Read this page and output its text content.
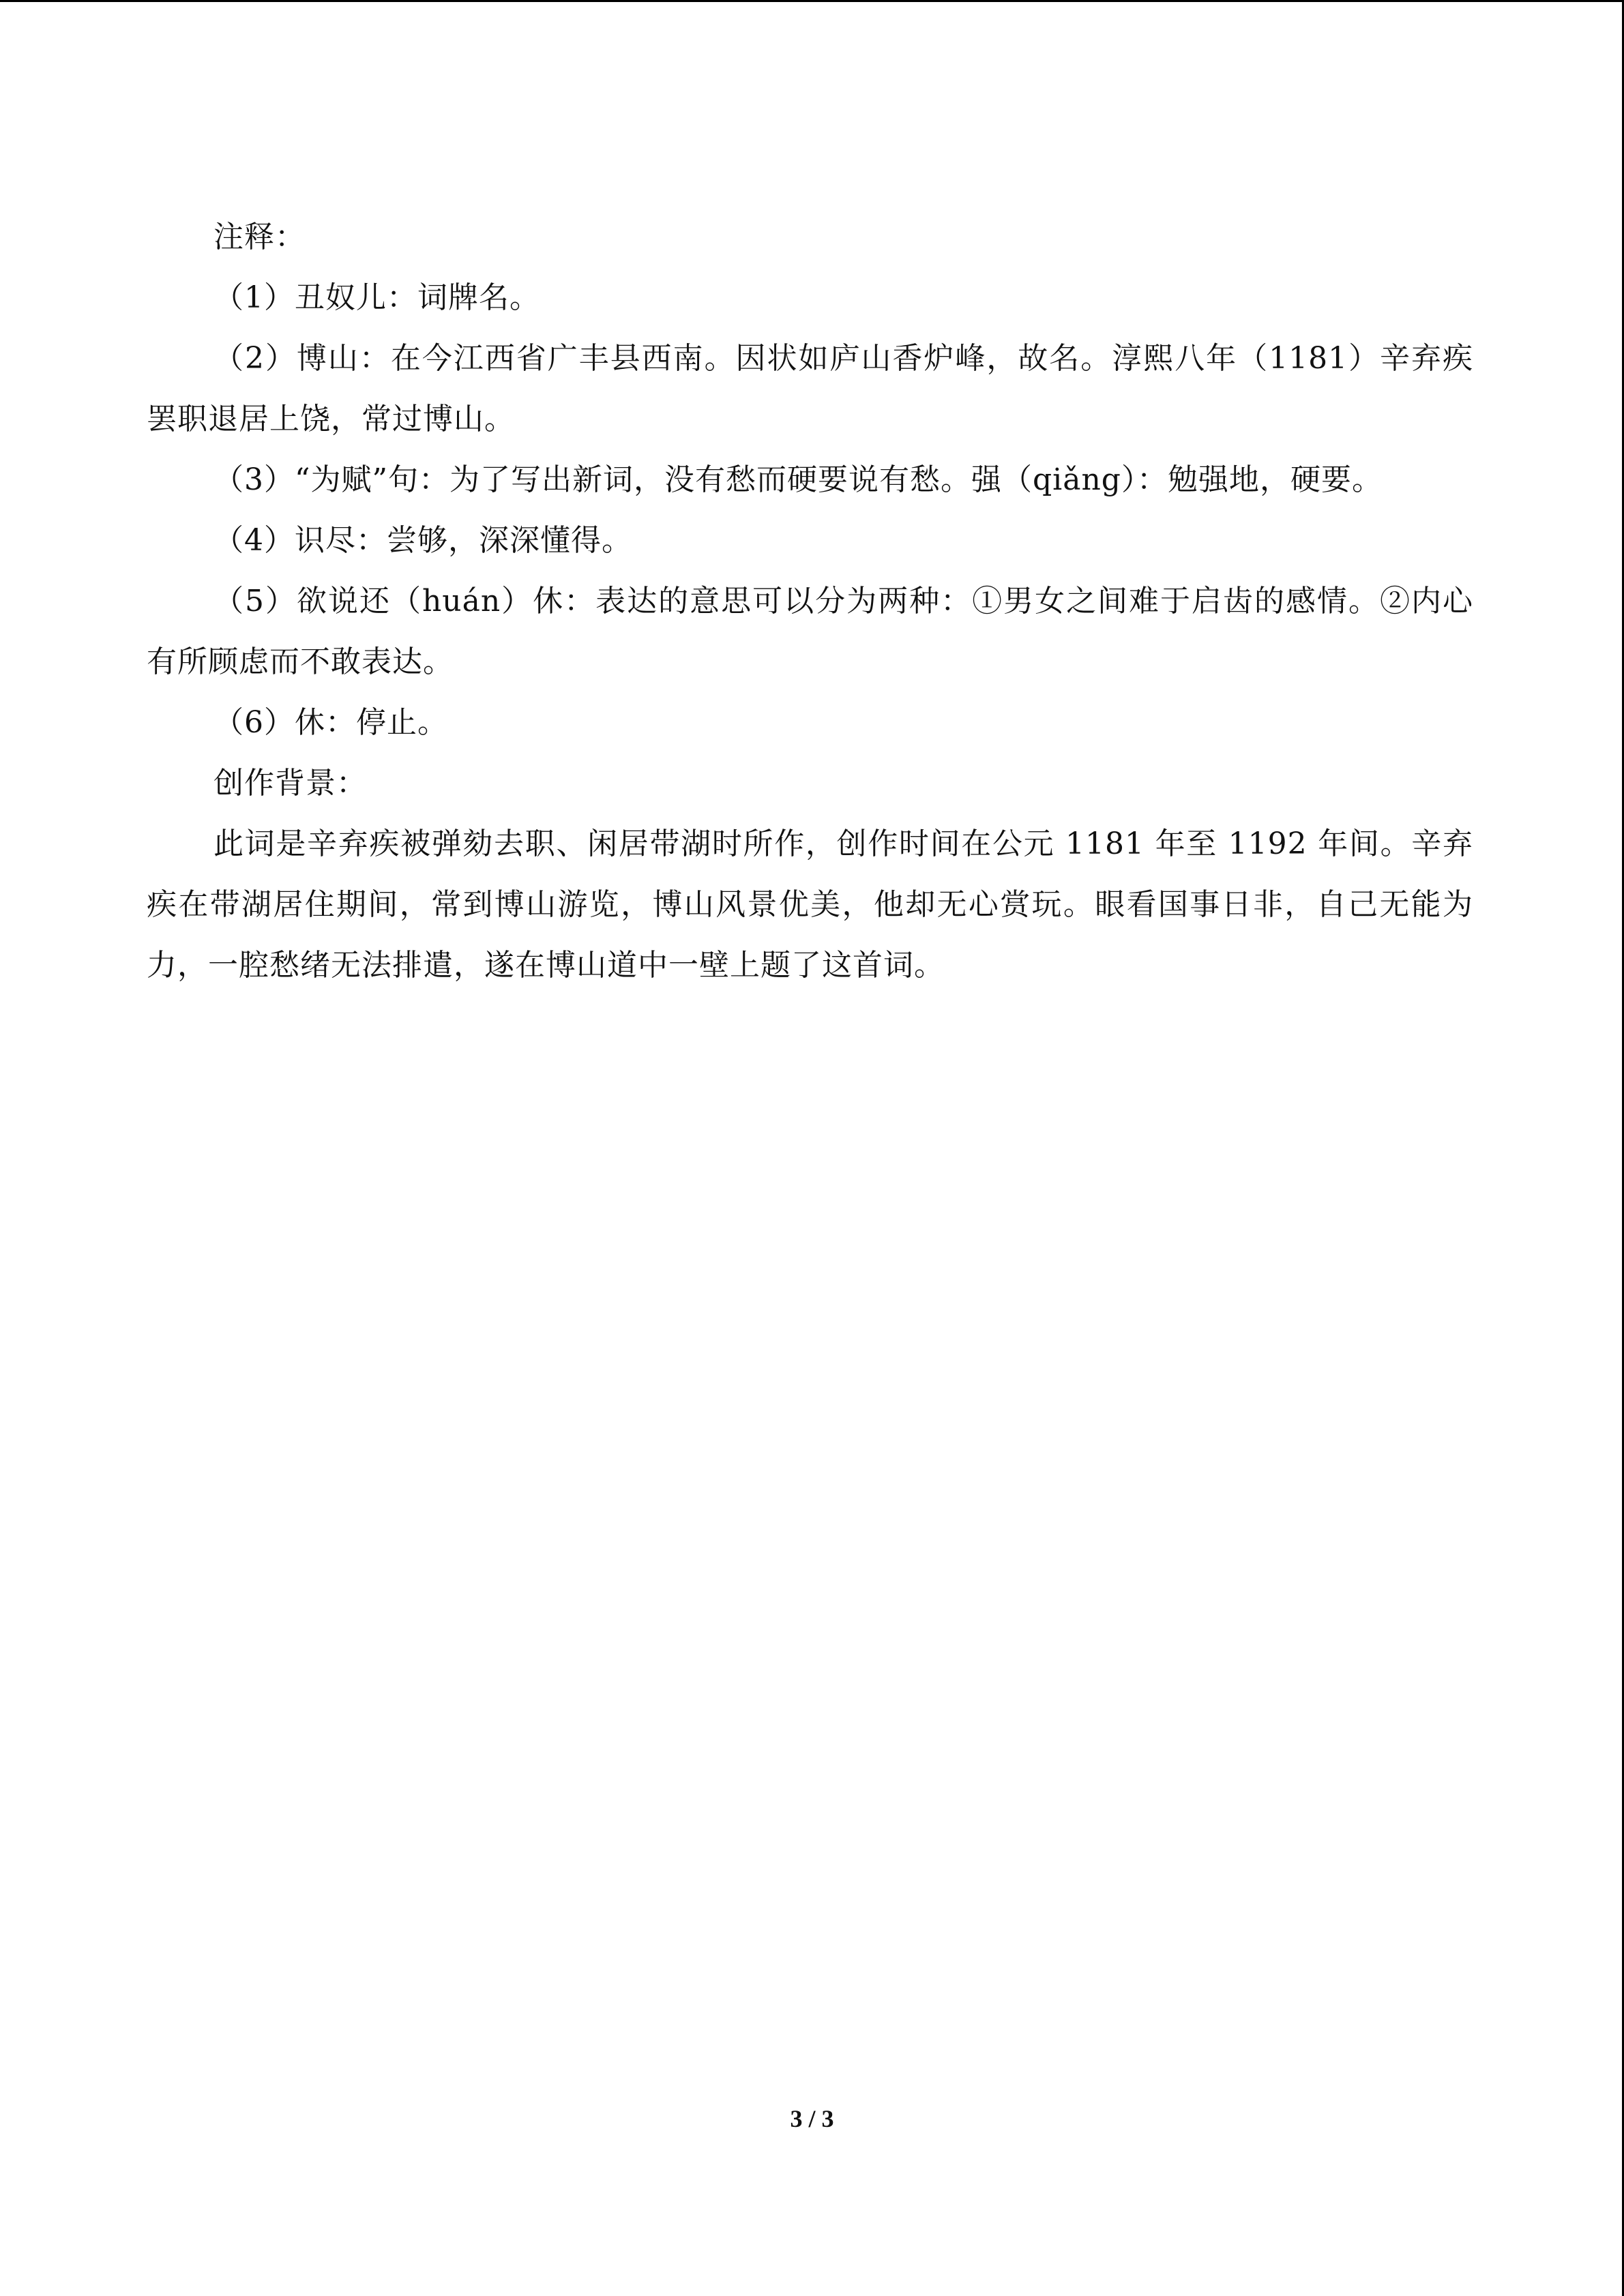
注释：

（1）丑奴儿：词牌名。

（2）博山：在今江西省广丰县西南。因状如庐山香炉峰，故名。淳熙八年（1181）辛弃疾罢职退居上饶，常过博山。

（3）“为赋”句：为了写出新词，没有愁而硬要说有愁。强（qiǎng）：勉强地，硬要。

（4）识尽：尝够，深深懂得。

（5）欲说还（huán）休：表达的意思可以分为两种：①男女之间难于启齿的感情。②内心有所顾虑而不敢表达。

（6）休：停止。

创作背景：

此词是辛弃疾被弹劾去职、闲居带湖时所作，创作时间在公元 1181 年至 1192 年间。辛弃疾在带湖居住期间，常到博山游览，博山风景优美，他却无心赏玩。眼看国事日非，自己无能为力，一腔愁绪无法排遣，遂在博山道中一壁上题了这首词。

3 / 3
